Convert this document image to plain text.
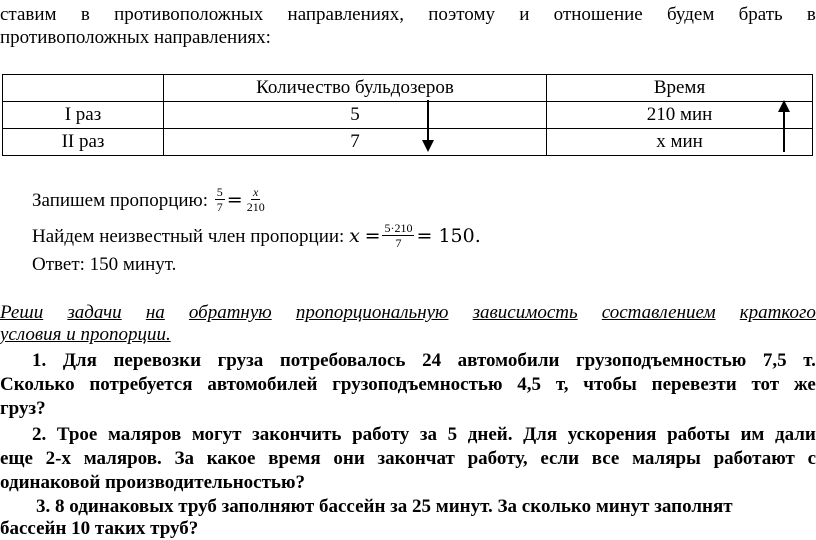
ставим в противоположных направлениях, поэтому и отношение будем брать в
противоположных направлениях:
	Количество бульдозеров	Время
I раз	5	210 мин
II раз	7	x мин
Запишем пропорцию: $\frac{5}{7} = \frac{x}{210}$
Найдем неизвестный член пропорции: $x = \frac{5\cdot 210}{7} = 150$.
Ответ: 150 минут.
Реши задачи на обратную пропорциональную зависимость составлением краткого
условия и пропорции.
1. Для перевозки груза потребовалось 24 автомобили грузоподъемностью 7,5 т.
Сколько потребуется автомобилей грузоподъемностью 4,5 т, чтобы перевезти тот же
груз?
2. Трое маляров могут закончить работу за 5 дней. Для ускорения работы им дали
еще 2-х маляров. За какое время они закончат работу, если все маляры работают с
одинаковой производительностью?
3. 8 одинаковых труб заполняют бассейн за 25 минут. За сколько минут заполнят
бассейн 10 таких труб?
